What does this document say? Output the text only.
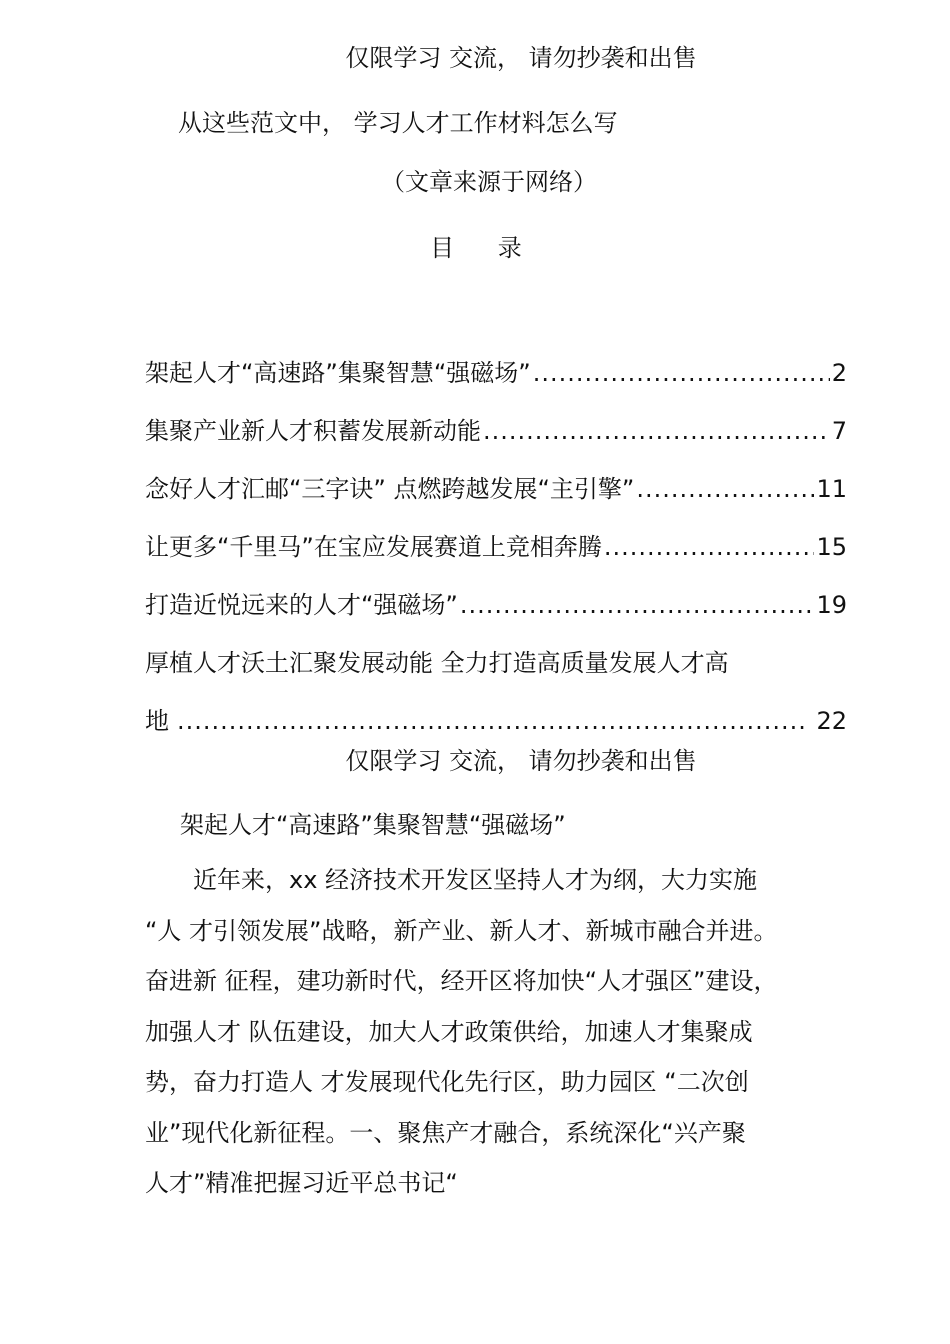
仅限学习 交流， 请勿抄袭和出售
从这些范文中， 学习人才工作材料怎么写
（文章来源于网络）
目 录
架起人才“高速路”集聚智慧“强磁场” .....	2
集聚产业新人才积蓄发展新动能 .....	7
念好人才汇邮“三字诀” 点燃跨越发展“主引擎” .....	11
让更多“千里马”在宝应发展赛道上竞相奔腾 .....	15
打造近悦远来的人才“强磁场” .....	19
厚植人才沃土汇聚发展动能 全力打造高质量发展人才高
地 .....	22
仅限学习 交流， 请勿抄袭和出售
架起人才“高速路”集聚智慧“强磁场”
近年来，xx 经济技术开发区坚持人才为纲，大力实施
“人 才引领发展”战略，新产业、新人才、新城市融合并进。
奋进新 征程，建功新时代，经开区将加快“人才强区”建设，
加强人才 队伍建设，加大人才政策供给，加速人才集聚成
势，奋力打造人 才发展现代化先行区，助力园区 “二次创
业”现代化新征程。一、聚焦产才融合，系统深化“兴产聚
人才”精准把握习近平总书记“
